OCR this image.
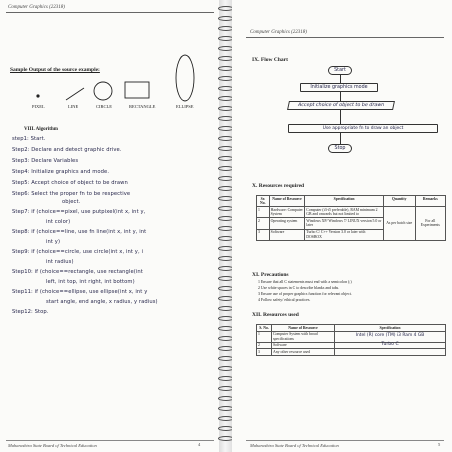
Computer Graphics (22318)
Sample Output of the source example:
PIXEL	LINE	CIRCLE	RECTANGLE	ELLIPSE
VIII. Algorithm
step1: Start.
Step2: Declare and detect graphic drive.
Step3: Declare Variables
Step4: Initialize graphics and mode.
Step5: Accept choice of object to be drawn
Step6: Select the proper fn to be respective
object.
Step7: if (choice==pixel, use putpixel(int x, int y,
int color)
Step8: if (choice==line, use fn line(int x, int y, int
int y)
Step9: if (choice==circle, use circle(int x, int y, i
int radius)
Step10: if (choice==rectangle, use rectangle(int
left, int top, int right, int bottom)
Step11: if (choice==ellipse, use ellipse(int x, int y
start angle, end angle, x radius, y radius)
Step12: Stop.
Maharashtra State Board of Technical Education	4
Computer Graphics (22318)
IX. Flow Chart
Start
Initialize graphics mode
Accept choice of object to be drawn
Use appropriate fn to draw an object
Stop
X. Resources required
Sr. No.	Name of Resource	Specification	Quantity	Remarks
1	Hardware: Computer System	Computer (i3-i5 preferable), RAM minimum 2 GB and onwards but not limited to	As per batch size	For all Experiments
2	Operating system	Windows XP/ Windows 7/ LINUX version 5.0 or later		
3	Software	Turbo C/ C++ Version 3.0 or later with DOSBOX		
XI. Precautions
1 Ensure that all C statements must end with a semicolon (;)
2 Use white spaces in C to describe blanks and tabs.
3 Ensure use of proper graphics function for relevant object.
4 Follow safety/ ethical practices.
XII. Resources used
S. No.	Name of Resource	Specification
1	Computer System with broad specifications	Intel (R) core (TM) i3 Ram 4 GB
2	Software	Turbo C
3	Any other resource used	
Maharashtra State Board of Technical Education	5
